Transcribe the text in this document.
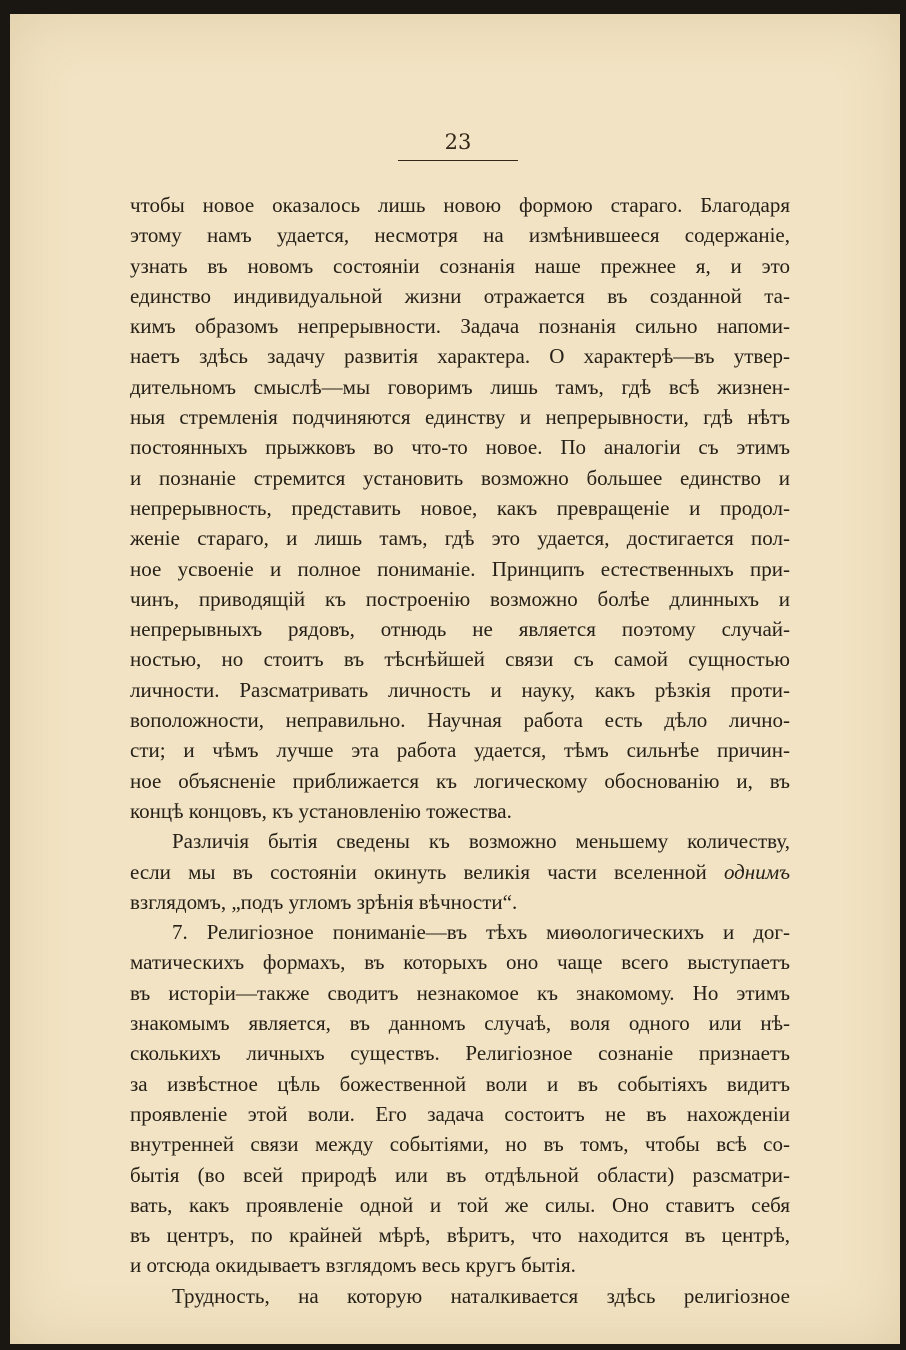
23
чтобы новое оказалось лишь новою формою стараго. Благодаря
этому намъ удается, несмотря на измѣнившееся содержаніе,
узнать въ новомъ состояніи сознанія наше прежнее я, и это
единство индивидуальной жизни отражается въ созданной та-
кимъ образомъ непрерывности. Задача познанія сильно напоми-
наетъ здѣсь задачу развитія характера. О характерѣ—въ утвер-
дительномъ смыслѣ—мы говоримъ лишь тамъ, гдѣ всѣ жизнен-
ныя стремленія подчиняются единству и непрерывности, гдѣ нѣтъ
постоянныхъ прыжковъ во что-то новое. По аналогіи съ этимъ
и познаніе стремится установить возможно большее единство и
непрерывность, представить новое, какъ превращеніе и продол-
женіе стараго, и лишь тамъ, гдѣ это удается, достигается пол-
ное усвоеніе и полное пониманіе. Принципъ естественныхъ при-
чинъ, приводящій къ построенію возможно болѣе длинныхъ и
непрерывныхъ рядовъ, отнюдь не является поэтому случай-
ностью, но стоитъ въ тѣснѣйшей связи съ самой сущностью
личности. Разсматривать личность и науку, какъ рѣзкія проти-
воположности, неправильно. Научная работа есть дѣло лично-
сти; и чѣмъ лучше эта работа удается, тѣмъ сильнѣе причин-
ное объясненіе приближается къ логическому обоснованію и, въ
концѣ концовъ, къ установленію тожества.
Различія бытія сведены къ возможно меньшему количеству,
если мы въ состояніи окинуть великія части вселенной однимъ
взглядомъ, „подъ угломъ зрѣнія вѣчности“.
7. Религіозное пониманіе—въ тѣхъ миѳологическихъ и дог-
матическихъ формахъ, въ которыхъ оно чаще всего выступаетъ
въ исторіи—также сводитъ незнакомое къ знакомому. Но этимъ
знакомымъ является, въ данномъ случаѣ, воля одного или нѣ-
сколькихъ личныхъ существъ. Религіозное сознаніе признаетъ
за извѣстное цѣль божественной воли и въ событіяхъ видитъ
проявленіе этой воли. Его задача состоитъ не въ нахожденіи
внутренней связи между событіями, но въ томъ, чтобы всѣ со-
бытія (во всей природѣ или въ отдѣльной области) разсматри-
вать, какъ проявленіе одной и той же силы. Оно ставитъ себя
въ центръ, по крайней мѣрѣ, вѣритъ, что находится въ центрѣ,
и отсюда окидываетъ взглядомъ весь кругъ бытія.
Трудность, на которую наталкивается здѣсь религіозное
